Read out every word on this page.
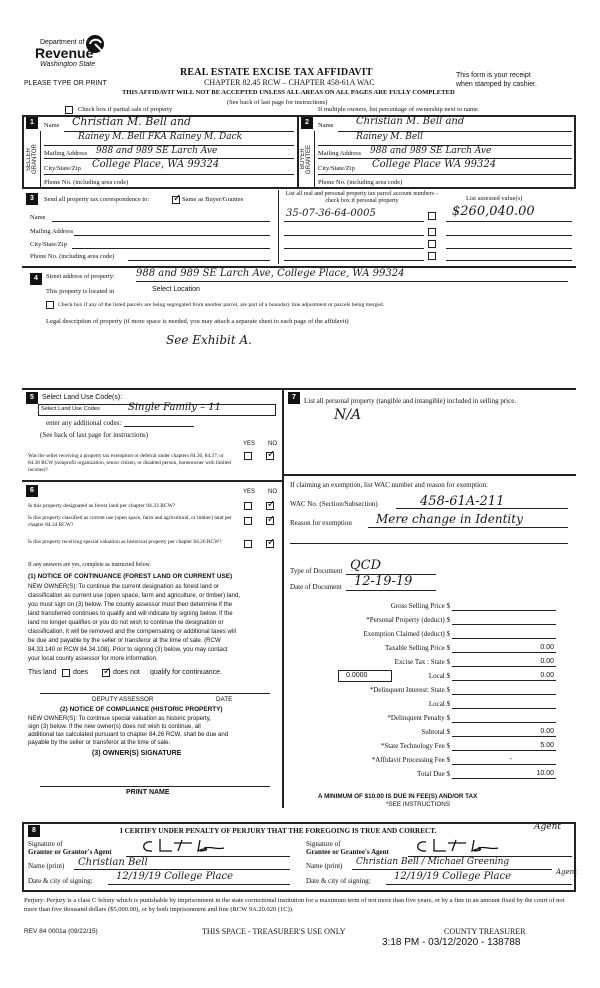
Department of
Revenue
Washington State
PLEASE TYPE OR PRINT
REAL ESTATE EXCISE TAX AFFIDAVIT
CHAPTER 82.45 RCW – CHAPTER 458-61A WAC
THIS AFFIDAVIT WILL NOT BE ACCEPTED UNLESS ALL AREAS ON ALL PAGES ARE FULLY COMPLETED
(See back of last page for instructions)
This form is your receipt
when stamped by cashier.
Check box if partial sale of property	If multiple owners, list percentage of ownership next to name.
1
SELLER GRANTOR
Name Christian M. Bell and
Rainey M. Bell FKA Rainey M. Dack
Mailing Address 988 and 989 SE Larch Ave
City/State/Zip College Place, WA 99324
Phone No. (including area code)
2
BUYER GRANTEE
Name Christian M. Bell and
Rainey M. Bell
Mailing Address 988 and 989 SE Larch Ave
City/State/Zip College Place WA 99324
Phone No. (including area code)
3	Send all property tax correspondence to: ✓	Same as Buyer/Grantee
Name
Mailing Address
City/State/Zip
Phone No. (including area code)
List all real and personal property tax parcel account numbers – check box if personal property	List assessed value(s)
35-07-36-64-0005	$260,040.00
4	Street address of property: 988 and 989 SE Larch Ave, College Place, WA 99324
This property is located in	Select Location
Check box if any of the listed parcels are being segregated from another parcel, are part of a boundary line adjustment or parcels being merged.
Legal description of property (if more space is needed, you may attach a separate sheet to each page of the affidavit)
See Exhibit A.
5	Select Land Use Code(s):
Select Land Use Codes	Single Family – 11
enter any additional codes:
(See back of last page for instructions)
YES NO
Was the seller receiving a property tax exemption or deferral under chapters 84.36, 84.37, or 84.38 RCW (nonprofit organization, senior citizen, or disabled person, homeowner with limited income)?
✓
6	YES NO
Is this property designated as forest land per chapter 84.33 RCW?
✓
Is this property classified as current use (open space, farm and agricultural, or timber) land per chapter 84.34 RCW?
✓
Is this property receiving special valuation as historical property per chapter 84.26 RCW?
✓
If any answers are yes, complete as instructed below.
(1) NOTICE OF CONTINUANCE (FOREST LAND OR CURRENT USE)
NEW OWNER(S): To continue the current designation as forest land or
classification as current use (open space, farm and agriculture, or timber) land,
you must sign on (3) below. The county assessor must then determine if the
land transferred continues to qualify and will indicate by signing below. If the
land no longer qualifies or you do not wish to continue the designation or
classification, it will be removed and the compensating or additional taxes will
be due and payable by the seller or transferor at the time of sale. (RCW
84.33.140 or RCW 84.34.108). Prior to signing (3) below, you may contact
your local county assessor for more information.
This land does ✓	does not qualify for continuance.
DEPUTY ASSESSOR	DATE
(2) NOTICE OF COMPLIANCE (HISTORIC PROPERTY)
NEW OWNER(S): To continue special valuation as historic property,
sign (3) below. If the new owner(s) does not wish to continue, all
additional tax calculated pursuant to chapter 84.26 RCW, shall be due and
payable by the seller or transferor at the time of sale.
(3) OWNER(S) SIGNATURE
PRINT NAME
7	List all personal property (tangible and intangible) included in selling price.
N/A
If claiming an exemption, list WAC number and reason for exemption:
WAC No. (Section/Subsection)	458-61A-211
Reason for exemption Mere change in Identity
Type of Document QCD
Date of Document 12-19-19
Gross Selling Price $
*Personal Property (deduct) $
Exemption Claimed (deduct) $
Taxable Selling Price $	0.00
Excise Tax : State $	0.00
0.0000	Local $	0.00
*Delinquent Interest: State $
Local $
*Delinquent Penalty $
Subtotal $	0.00
*State Technology Fee $	5.00
*Affidavit Processing Fee $	-
Total Due $	10.00
A MINIMUM OF $10.00 IS DUE IN FEE(S) AND/OR TAX
*SEE INSTRUCTIONS
8	I CERTIFY UNDER PENALTY OF PERJURY THAT THE FOREGOING IS TRUE AND CORRECT.	Agent
Signature of
Grantor or Grantor's Agent
Name (print) Christian Bell
Date & city of signing: 12/19/19 College Place
Signature of
Grantee or Grantee's Agent
Name (print) Christian Bell / Michael Greening
Agent
Date & city of signing: 12/19/19 College Place
Perjury: Perjury is a class C felony which is punishable by imprisonment in the state correctional institution for a maximum term of not more than five years, or by a fine in an amount fixed by the court of not more than five thousand dollars ($5,000.00), or by both imprisonment and fine (RCW 9A.20.020 (1C)).
REV 84 0001a (09/22/15)	THIS SPACE - TREASURER'S USE ONLY	COUNTY TREASURER
3:18 PM - 03/12/2020 - 138788
